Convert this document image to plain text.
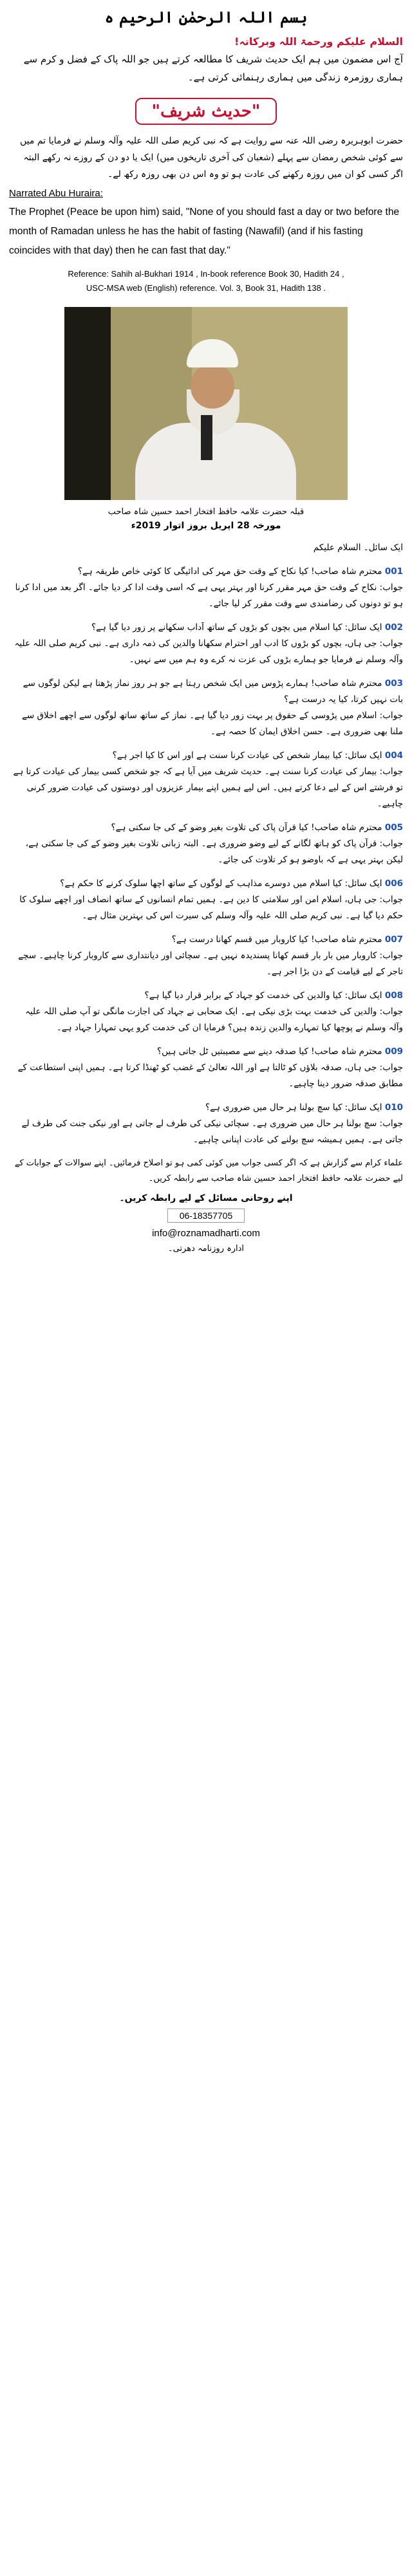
بسم اللہ الرحمٰن الرحیم ہ
السلام علیکم ورحمۃ اللہ وبرکاتہ!
آج اس مضمون میں ہم ایک حدیث شریف کا مطالعہ کرتے ہیں جو اللہ پاک کے فضل و کرم سے ہماری روزمرہ زندگی میں ہماری رہنمائی کرتی ہے۔
"حدیث شریف"
حضرت ابوہریرہ رضی اللہ عنہ سے روایت ہے کہ نبی کریم صلی اللہ علیہ وآلہ وسلم نے فرمایا تم میں سے کوئی شخص رمضان سے پہلے (شعبان کی آخری تاریخوں میں) ایک یا دو دن کے روزے نہ رکھے البتہ اگر کسی کو ان میں روزہ رکھنے کی عادت ہو تو وہ اس دن بھی روزہ رکھ لے۔
Narrated Abu Huraira:
The Prophet (Peace be upon him) said, "None of you should fast a day or two before the month of Ramadan unless he has the habit of fasting (Nawafil) (and if his fasting coincides with that day) then he can fast that day."
Reference: Sahih al-Bukhari 1914 , In-book reference Book 30, Hadith 24 ,
USC-MSA web (English) reference. Vol. 3, Book 31, Hadith 138 .
قبلہ حضرت علامہ حافظ افتخار احمد حسین شاہ صاحب
مورخہ 28 اپریل بروز اتوار 2019ء
ایک سائل۔ السلام علیکم
001 محترم شاہ صاحب! کیا نکاح کے وقت حق مہر کی ادائیگی کا کوئی خاص طریقہ ہے؟
جواب: نکاح کے وقت حق مہر مقرر کرنا اور بہتر یہی ہے کہ اسی وقت ادا کر دیا جائے۔ اگر بعد میں ادا کرنا ہو تو دونوں کی رضامندی سے وقت مقرر کر لیا جائے۔
002 ایک سائل: کیا اسلام میں بچوں کو بڑوں کے ساتھ آداب سکھانے پر زور دیا گیا ہے؟
جواب: جی ہاں، بچوں کو بڑوں کا ادب اور احترام سکھانا والدین کی ذمہ داری ہے۔ نبی کریم صلی اللہ علیہ وآلہ وسلم نے فرمایا جو ہمارے بڑوں کی عزت نہ کرے وہ ہم میں سے نہیں۔
003 محترم شاہ صاحب! ہمارے پڑوس میں ایک شخص رہتا ہے جو ہر روز نماز پڑھتا ہے لیکن لوگوں سے بات نہیں کرتا، کیا یہ درست ہے؟
جواب: اسلام میں پڑوسی کے حقوق پر بہت زور دیا گیا ہے۔ نماز کے ساتھ ساتھ لوگوں سے اچھے اخلاق سے ملنا بھی ضروری ہے۔ حسن اخلاق ایمان کا حصہ ہے۔
004 ایک سائل: کیا بیمار شخص کی عیادت کرنا سنت ہے اور اس کا کیا اجر ہے؟
جواب: بیمار کی عیادت کرنا سنت ہے۔ حدیث شریف میں آیا ہے کہ جو شخص کسی بیمار کی عیادت کرتا ہے تو فرشتے اس کے لیے دعا کرتے ہیں۔ اس لیے ہمیں اپنے بیمار عزیزوں اور دوستوں کی عیادت ضرور کرنی چاہیے۔
005 محترم شاہ صاحب! کیا قرآن پاک کی تلاوت بغیر وضو کے کی جا سکتی ہے؟
جواب: قرآن پاک کو ہاتھ لگانے کے لیے وضو ضروری ہے۔ البتہ زبانی تلاوت بغیر وضو کے کی جا سکتی ہے، لیکن بہتر یہی ہے کہ باوضو ہو کر تلاوت کی جائے۔
006 ایک سائل: کیا اسلام میں دوسرے مذاہب کے لوگوں کے ساتھ اچھا سلوک کرنے کا حکم ہے؟
جواب: جی ہاں، اسلام امن اور سلامتی کا دین ہے۔ ہمیں تمام انسانوں کے ساتھ انصاف اور اچھے سلوک کا حکم دیا گیا ہے۔ نبی کریم صلی اللہ علیہ وآلہ وسلم کی سیرت اس کی بہترین مثال ہے۔
007 محترم شاہ صاحب! کیا کاروبار میں قسم کھانا درست ہے؟
جواب: کاروبار میں بار بار قسم کھانا پسندیدہ نہیں ہے۔ سچائی اور دیانتداری سے کاروبار کرنا چاہیے۔ سچے تاجر کے لیے قیامت کے دن بڑا اجر ہے۔
008 ایک سائل: کیا والدین کی خدمت کو جہاد کے برابر قرار دیا گیا ہے؟
جواب: والدین کی خدمت بہت بڑی نیکی ہے۔ ایک صحابی نے جہاد کی اجازت مانگی تو آپ صلی اللہ علیہ وآلہ وسلم نے پوچھا کیا تمہارے والدین زندہ ہیں؟ فرمایا ان کی خدمت کرو یہی تمہارا جہاد ہے۔
009 محترم شاہ صاحب! کیا صدقہ دینے سے مصیبتیں ٹل جاتی ہیں؟
جواب: جی ہاں، صدقہ بلاؤں کو ٹالتا ہے اور اللہ تعالیٰ کے غضب کو ٹھنڈا کرتا ہے۔ ہمیں اپنی استطاعت کے مطابق صدقہ ضرور دینا چاہیے۔
010 ایک سائل: کیا سچ بولنا ہر حال میں ضروری ہے؟
جواب: سچ بولنا ہر حال میں ضروری ہے۔ سچائی نیکی کی طرف لے جاتی ہے اور نیکی جنت کی طرف لے جاتی ہے۔ ہمیں ہمیشہ سچ بولنے کی عادت اپنانی چاہیے۔
علماء کرام سے گزارش ہے کہ اگر کسی جواب میں کوئی کمی ہو تو اصلاح فرمائیں۔ اپنے سوالات کے جوابات کے لیے حضرت علامہ حافظ افتخار احمد حسین شاہ صاحب سے رابطہ کریں۔
اپنے روحانی مسائل کے لیے رابطہ کریں۔
06-18357705
info@roznamadharti.com
ادارہ روزنامہ دھرتی۔
